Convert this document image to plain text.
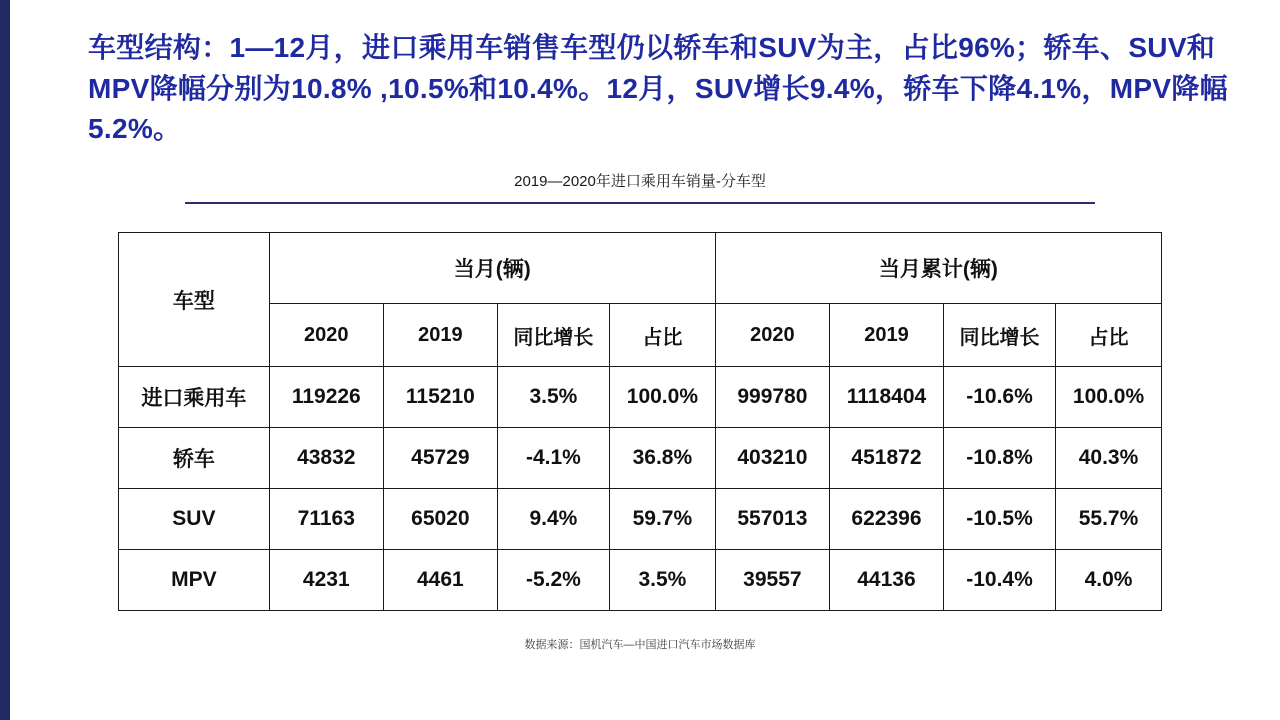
车型结构：1—12月，进口乘用车销售车型仍以轿车和SUV为主，占比96%；轿车、SUV和MPV降幅分别为10.8% ,10.5%和10.4%。12月，SUV增长9.4%，轿车下降4.1%，MPV降幅5.2%。
2019—2020年进口乘用车销量-分车型
车型	当月(辆)				当月累计(辆)			
	2020	2019	同比增长	占比	2020	2019	同比增长	占比
进口乘用车	119226	115210	3.5%	100.0%	999780	1118404	-10.6%	100.0%
轿车	43832	45729	-4.1%	36.8%	403210	451872	-10.8%	40.3%
SUV	71163	65020	9.4%	59.7%	557013	622396	-10.5%	55.7%
MPV	4231	4461	-5.2%	3.5%	39557	44136	-10.4%	4.0%
数据来源：国机汽车—中国进口汽车市场数据库
